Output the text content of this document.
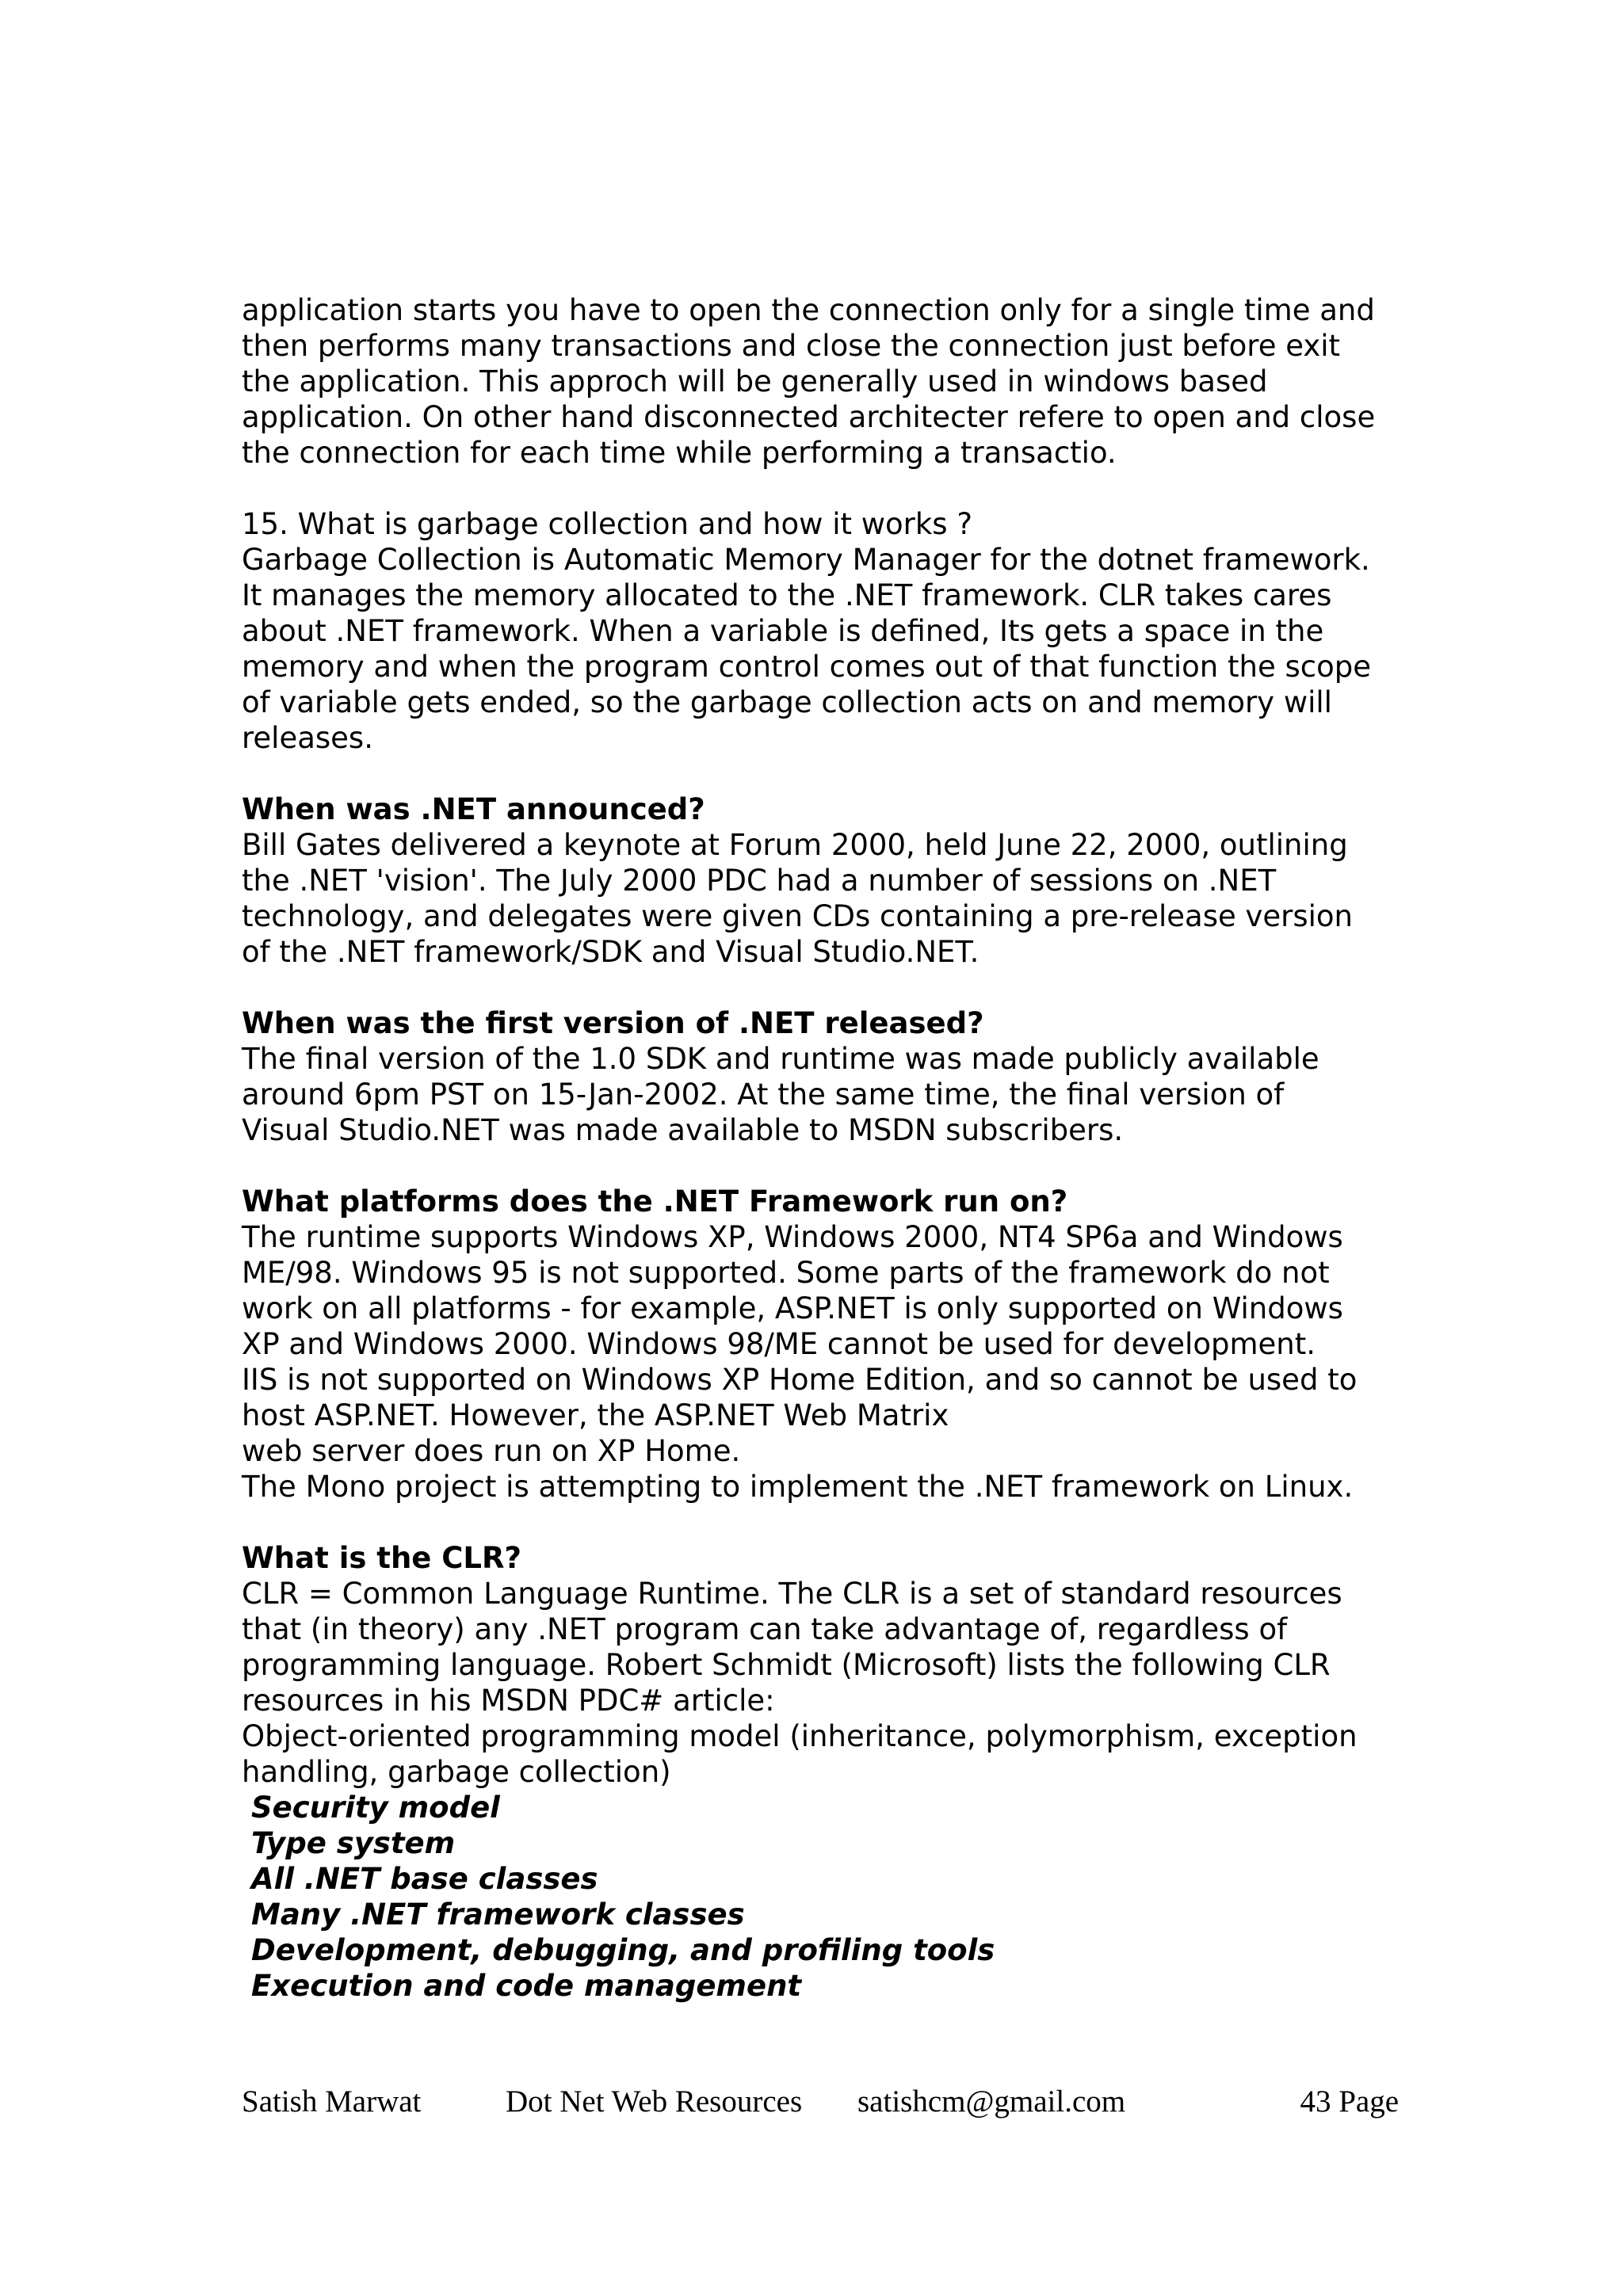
application starts you have to open the connection only for a single time and
then performs many transactions and close the connection just before exit
the application. This approch will be generally used in windows based
application. On other hand disconnected architecter refere to open and close
the connection for each time while performing a transactio.
15. What is garbage collection and how it works ?
Garbage Collection is Automatic Memory Manager for the dotnet framework.
It manages the memory allocated to the .NET framework. CLR takes cares
about .NET framework. When a variable is defined, Its gets a space in the
memory and when the program control comes out of that function the scope
of variable gets ended, so the garbage collection acts on and memory will
releases.
When was .NET announced?
Bill Gates delivered a keynote at Forum 2000, held June 22, 2000, outlining
the .NET 'vision'. The July 2000 PDC had a number of sessions on .NET
technology, and delegates were given CDs containing a pre-release version
of the .NET framework/SDK and Visual Studio.NET.
When was the first version of .NET released?
The final version of the 1.0 SDK and runtime was made publicly available
around 6pm PST on 15-Jan-2002. At the same time, the final version of
Visual Studio.NET was made available to MSDN subscribers.
What platforms does the .NET Framework run on?
The runtime supports Windows XP, Windows 2000, NT4 SP6a and Windows
ME/98. Windows 95 is not supported. Some parts of the framework do not
work on all platforms - for example, ASP.NET is only supported on Windows
XP and Windows 2000. Windows 98/ME cannot be used for development.
IIS is not supported on Windows XP Home Edition, and so cannot be used to
host ASP.NET. However, the ASP.NET Web Matrix
web server does run on XP Home.
The Mono project is attempting to implement the .NET framework on Linux.
What is the CLR?
CLR = Common Language Runtime. The CLR is a set of standard resources
that (in theory) any .NET program can take advantage of, regardless of
programming language. Robert Schmidt (Microsoft) lists the following CLR
resources in his MSDN PDC# article:
Object-oriented programming model (inheritance, polymorphism, exception
handling, garbage collection)
Security model
Type system
All .NET base classes
Many .NET framework classes
Development, debugging, and profiling tools
Execution and code management
Satish Marwat	Dot Net Web Resources satishcm@gmail.com	43 Page
